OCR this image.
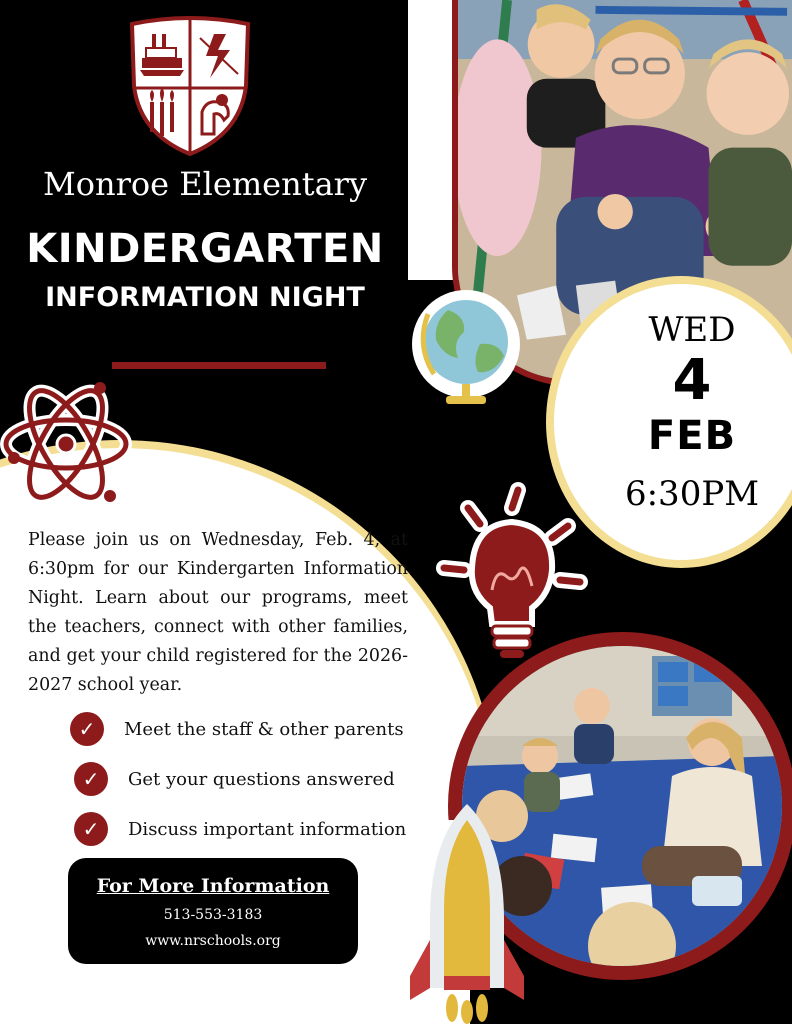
WED
4
FEB
6:30PM
Monroe Elementary
KINDERGARTEN
INFORMATION NIGHT
Please join us on Wednesday, Feb. 4, at 6:30pm for our Kindergarten Information Night. Learn about our programs, meet the teachers, connect with other families, and get your child registered for the 2026-2027 school year.
✓	Meet the staff & other parents
✓	Get your questions answered
✓	Discuss important information
For More Information
513-553-3183
www.nrschools.org
